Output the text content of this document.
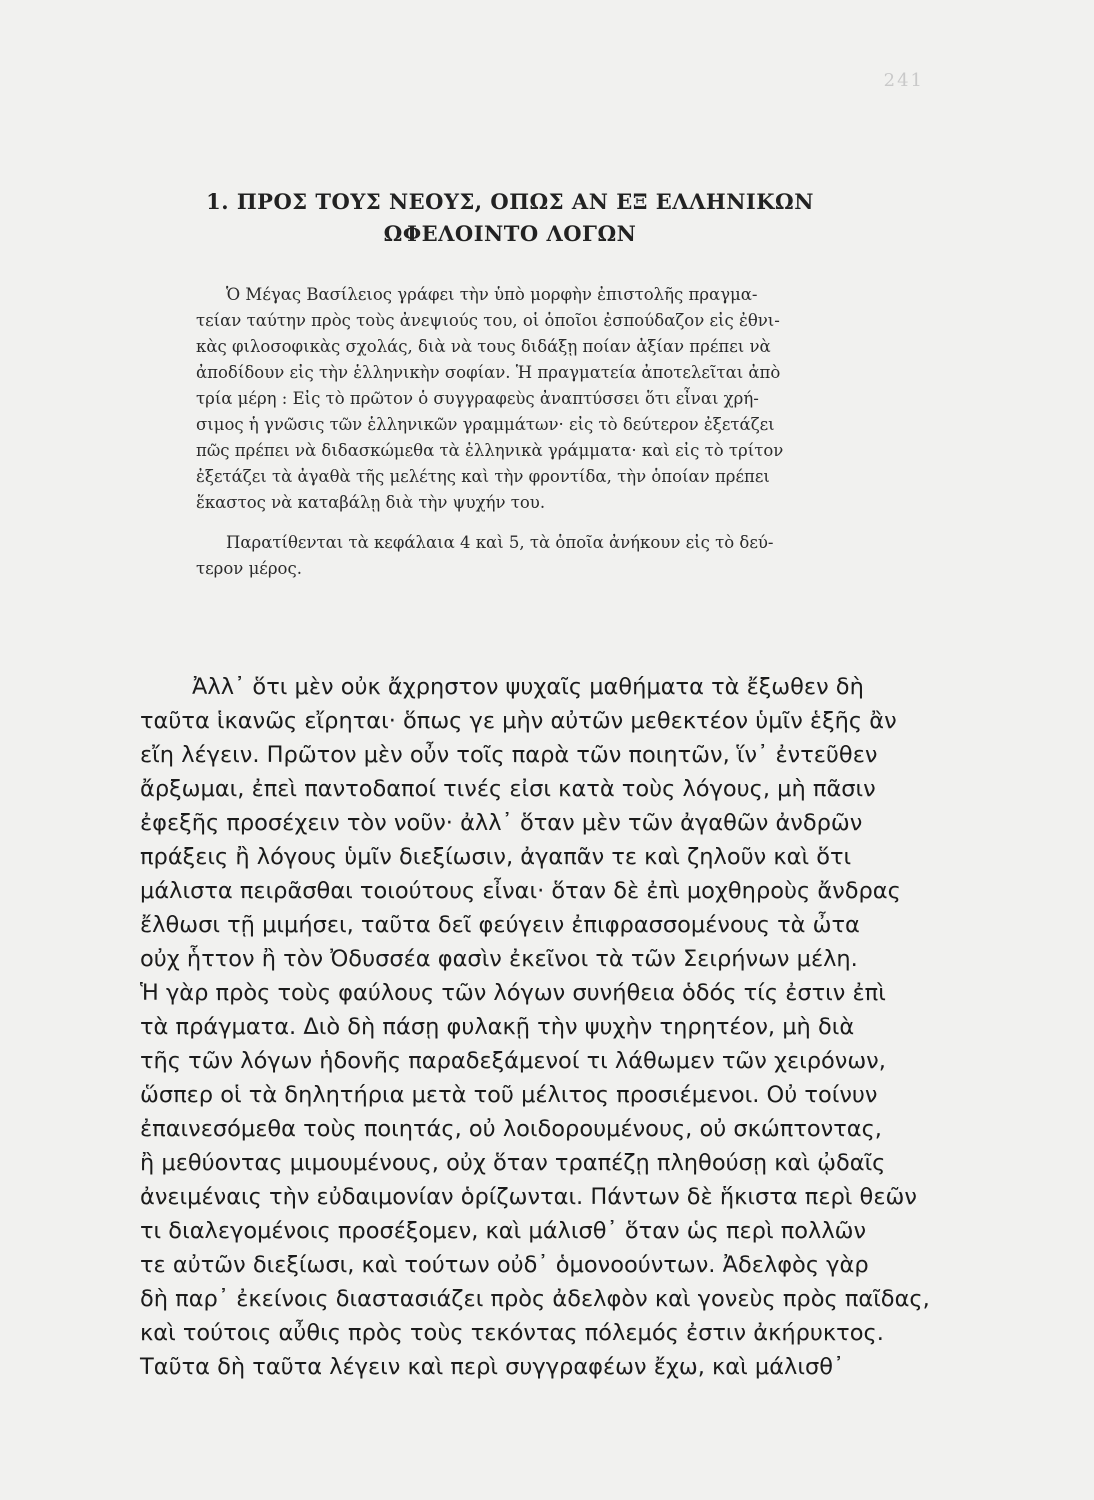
241
1. ΠΡΟΣ ΤΟΥΣ ΝΕΟΥΣ, ΟΠΩΣ ΑΝ ΕΞ ΕΛΛΗΝΙΚΩΝ
ΩΦΕΛΟΙΝΤΟ ΛΟΓΩΝ
Ὁ Μέγας Βασίλειος γράφει τὴν ὑπὸ μορφὴν ἐπιστολῆς πραγμα-
τείαν ταύτην πρὸς τοὺς ἀνεψιούς του, οἱ ὁποῖοι ἐσπούδαζον εἰς ἐθνι-
κὰς φιλοσοφικὰς σχολάς, διὰ νὰ τους διδάξῃ ποίαν ἀξίαν πρέπει νὰ
ἀποδίδουν εἰς τὴν ἑλληνικὴν σοφίαν. Ἡ πραγματεία ἀποτελεῖται ἀπὸ
τρία μέρη : Εἰς τὸ πρῶτον ὁ συγγραφεὺς ἀναπτύσσει ὅτι εἶναι χρή-
σιμος ἡ γνῶσις τῶν ἑλληνικῶν γραμμάτων· εἰς τὸ δεύτερον ἐξετάζει
πῶς πρέπει νὰ διδασκώμεθα τὰ ἑλληνικὰ γράμματα· καὶ εἰς τὸ τρίτον
ἐξετάζει τὰ ἀγαθὰ τῆς μελέτης καὶ τὴν φροντίδα, τὴν ὁποίαν πρέπει
ἕκαστος νὰ καταβάλῃ διὰ τὴν ψυχήν του.
Παρατίθενται τὰ κεφάλαια 4 καὶ 5, τὰ ὁποῖα ἀνήκουν εἰς τὸ δεύ-
τερον μέρος.
Ἀλλ᾽ ὅτι μὲν οὐκ ἄχρηστον ψυχαῖς μαθήματα τὰ ἔξωθεν δὴ
ταῦτα ἱκανῶς εἴρηται· ὅπως γε μὴν αὐτῶν μεθεκτέον ὑμῖν ἑξῆς ἂν
εἴη λέγειν. Πρῶτον μὲν οὖν τοῖς παρὰ τῶν ποιητῶν, ἵν᾽ ἐντεῦθεν
ἄρξωμαι, ἐπεὶ παντοδαποί τινές εἰσι κατὰ τοὺς λόγους, μὴ πᾶσιν
ἐφεξῆς προσέχειν τὸν νοῦν· ἀλλ᾽ ὅταν μὲν τῶν ἀγαθῶν ἀνδρῶν
πράξεις ἢ λόγους ὑμῖν διεξίωσιν, ἀγαπᾶν τε καὶ ζηλοῦν καὶ ὅτι
μάλιστα πειρᾶσθαι τοιούτους εἶναι· ὅταν δὲ ἐπὶ μοχθηροὺς ἄνδρας
ἔλθωσι τῇ μιμήσει, ταῦτα δεῖ φεύγειν ἐπιφρασσομένους τὰ ὦτα
οὐχ ἧττον ἢ τὸν Ὀδυσσέα φασὶν ἐκεῖνοι τὰ τῶν Σειρήνων μέλη.
Ἡ γὰρ πρὸς τοὺς φαύλους τῶν λόγων συνήθεια ὁδός τίς ἐστιν ἐπὶ
τὰ πράγματα. Διὸ δὴ πάσῃ φυλακῇ τὴν ψυχὴν τηρητέον, μὴ διὰ
τῆς τῶν λόγων ἡδονῆς παραδεξάμενοί τι λάθωμεν τῶν χειρόνων,
ὥσπερ οἱ τὰ δηλητήρια μετὰ τοῦ μέλιτος προσιέμενοι. Οὐ τοίνυν
ἐπαινεσόμεθα τοὺς ποιητάς, οὐ λοιδορουμένους, οὐ σκώπτοντας,
ἢ μεθύοντας μιμουμένους, οὐχ ὅταν τραπέζῃ πληθούσῃ καὶ ᾠδαῖς
ἀνειμέναις τὴν εὐδαιμονίαν ὁρίζωνται. Πάντων δὲ ἥκιστα περὶ θεῶν
τι διαλεγομένοις προσέξομεν, καὶ μάλισθ᾽ ὅταν ὡς περὶ πολλῶν
τε αὐτῶν διεξίωσι, καὶ τούτων οὐδ᾽ ὁμονοούντων. Ἀδελφὸς γὰρ
δὴ παρ᾽ ἐκείνοις διαστασιάζει πρὸς ἀδελφὸν καὶ γονεὺς πρὸς παῖδας,
καὶ τούτοις αὖθις πρὸς τοὺς τεκόντας πόλεμός ἐστιν ἀκήρυκτος.
Ταῦτα δὴ ταῦτα λέγειν καὶ περὶ συγγραφέων ἔχω, καὶ μάλισθ᾽
